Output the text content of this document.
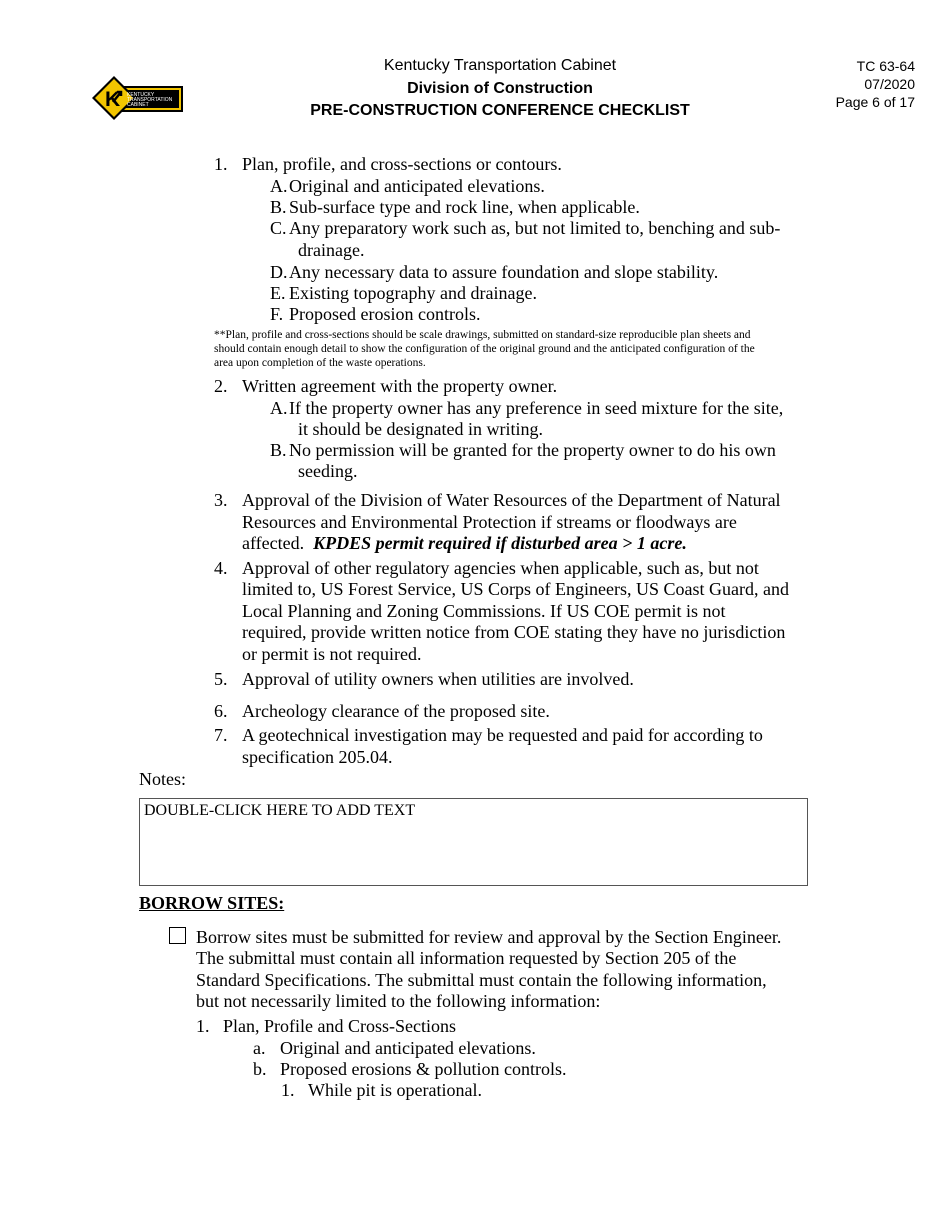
K KENTUCKY
TRANSPORTATION
CABINET
Kentucky Transportation Cabinet
Division of Construction
PRE-CONSTRUCTION CONFERENCE CHECKLIST
TC 63-64
07/2020
Page 6 of 17
1. Plan, profile, and cross-sections or contours.
A. Original and anticipated elevations.
B. Sub-surface type and rock line, when applicable.
C. Any preparatory work such as, but not limited to, benching and sub-
drainage.
D. Any necessary data to assure foundation and slope stability.
E. Existing topography and drainage.
F. Proposed erosion controls.
**Plan, profile and cross-sections should be scale drawings, submitted on standard-size reproducible plan sheets and
should contain enough detail to show the configuration of the original ground and the anticipated configuration of the
area upon completion of the waste operations.
2. Written agreement with the property owner.
A. If the property owner has any preference in seed mixture for the site,
it should be designated in writing.
B. No permission will be granted for the property owner to do his own
seeding.
3. Approval of the Division of Water Resources of the Department of Natural
Resources and Environmental Protection if streams or floodways are
affected. KPDES permit required if disturbed area > 1 acre.
4. Approval of other regulatory agencies when applicable, such as, but not
limited to, US Forest Service, US Corps of Engineers, US Coast Guard, and
Local Planning and Zoning Commissions. If US COE permit is not
required, provide written notice from COE stating they have no jurisdiction
or permit is not required.
5. Approval of utility owners when utilities are involved.
6. Archeology clearance of the proposed site.
7. A geotechnical investigation may be requested and paid for according to
specification 205.04.
Notes:
DOUBLE-CLICK HERE TO ADD TEXT
BORROW SITES:
Borrow sites must be submitted for review and approval by the Section Engineer.
The submittal must contain all information requested by Section 205 of the
Standard Specifications. The submittal must contain the following information,
but not necessarily limited to the following information:
1. Plan, Profile and Cross-Sections
a. Original and anticipated elevations.
b. Proposed erosions & pollution controls.
1. While pit is operational.
